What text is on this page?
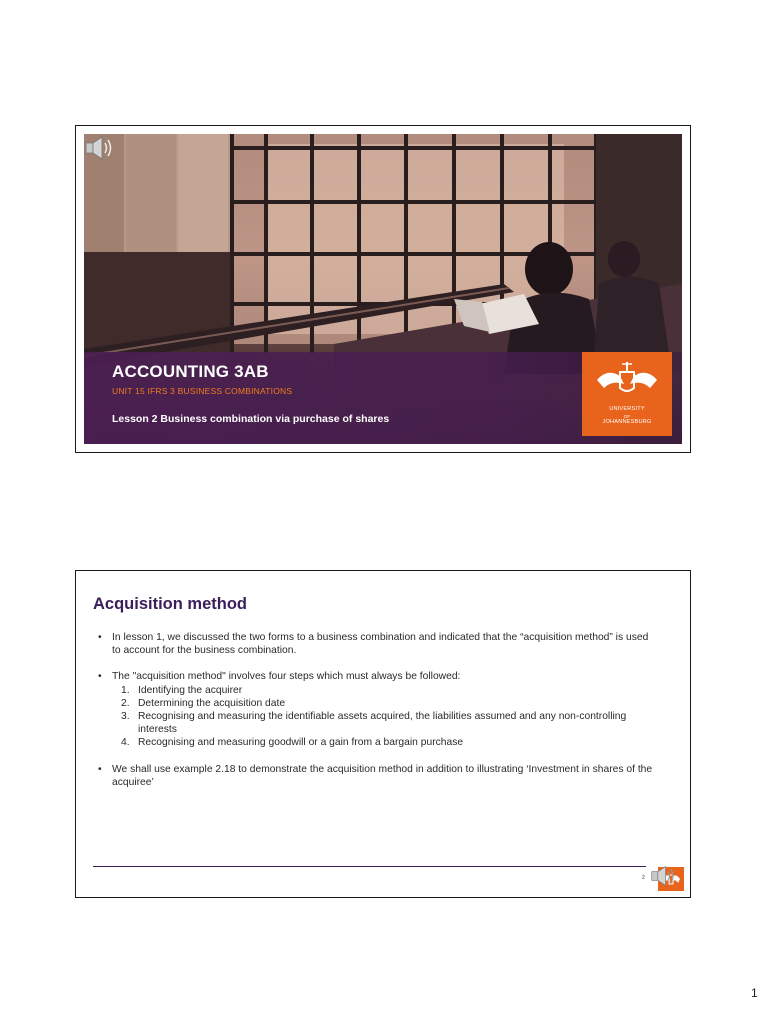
ACCOUNTING 3AB
UNIT 15 IFRS 3 BUSINESS COMBINATIONS
Lesson 2 Business combination via purchase of shares
UNIVERSITY
OF
JOHANNESBURG
Acquisition method
• In lesson 1, we discussed the two forms to a business combination and indicated that the “acquisition method” is used to account for the business combination.
• The "acquisition method" involves four steps which must always be followed:
1. Identifying the acquirer
2. Determining the acquisition date
3. Recognising and measuring the identifiable assets acquired, the liabilities assumed and any non-controlling interests
4. Recognising and measuring goodwill or a gain from a bargain purchase
• We shall use example 2.18 to demonstrate the acquisition method in addition to illustrating ‘Investment in shares of the acquiree’
2
1
